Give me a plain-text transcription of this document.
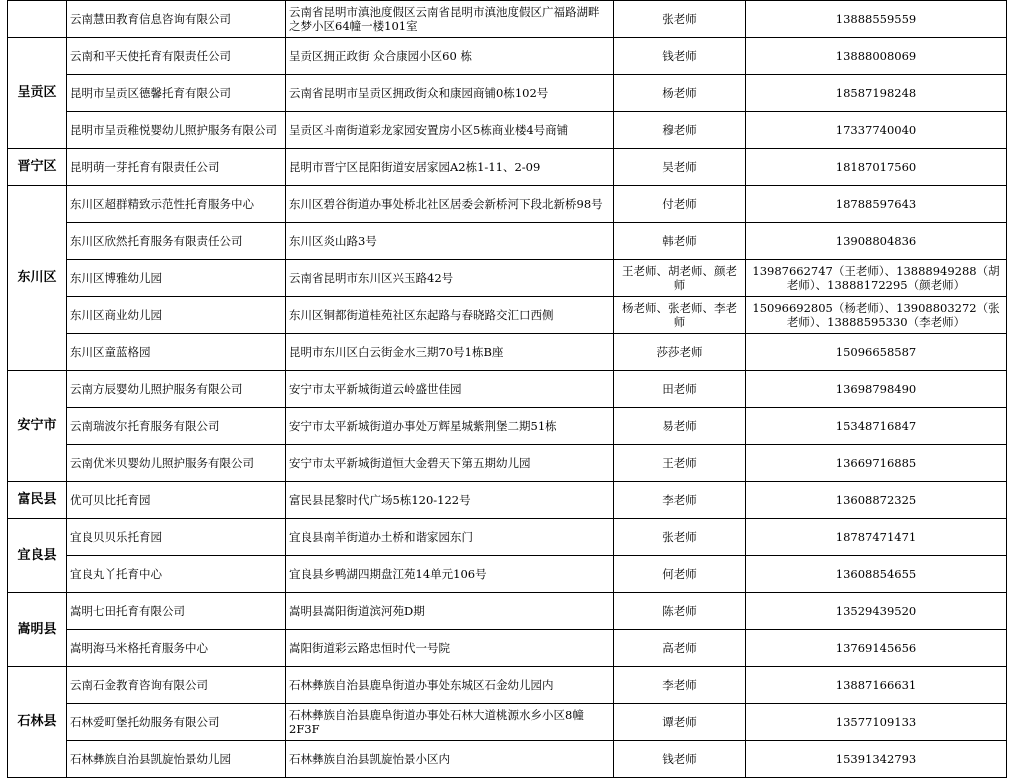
	云南慧田教育信息咨询有限公司	云南省昆明市滇池度假区云南省昆明市滇池度假区广福路湖畔之梦小区64幢一楼101室	张老师	13888559559
呈贡区	云南和平天使托育有限责任公司	呈贡区拥正政街 众合康园小区60 栋	钱老师	13888008069
	昆明市呈贡区德馨托育有限公司	云南省昆明市呈贡区拥政街众和康园商铺0栋102号	杨老师	18587198248
	昆明市呈贡稚悦婴幼儿照护服务有限公司	呈贡区斗南街道彩龙家园安置房小区5栋商业楼4号商铺	穆老师	17337740040
晋宁区	昆明萌一芽托育有限责任公司	昆明市晋宁区昆阳街道安居家园A2栋1-11、2-09	吴老师	18187017560
东川区	东川区超群精致示范性托育服务中心	东川区碧谷街道办事处桥北社区居委会新桥河下段北新桥98号	付老师	18788597643
	东川区欣然托育服务有限责任公司	东川区炎山路3号	韩老师	13908804836
	东川区博雅幼儿园	云南省昆明市东川区兴玉路42号	王老师、胡老师、颜老师	13987662747（王老师）、13888949288（胡老师）、13888172295（颜老师）
	东川区商业幼儿园	东川区铜都街道桂苑社区东起路与春晓路交汇口西侧	杨老师、张老师、李老师	15096692805（杨老师）、13908803272（张老师）、13888595330（李老师）
	东川区童蓝格园	昆明市东川区白云街金水三期70号1栋B座	莎莎老师	15096658587
安宁市	云南方辰婴幼儿照护服务有限公司	安宁市太平新城街道云岭盛世佳园	田老师	13698798490
	云南瑞波尔托育服务有限公司	安宁市太平新城街道办事处万辉星城紫荆堡二期51栋	易老师	15348716847
	云南优米贝婴幼儿照护服务有限公司	安宁市太平新城街道恒大金碧天下第五期幼儿园	王老师	13669716885
富民县	优可贝比托育园	富民县昆黎时代广场5栋120-122号	李老师	13608872325
宜良县	宜良贝贝乐托育园	宜良县南羊街道办土桥和谐家园东门	张老师	18787471471
	宜良丸丫托育中心	宜良县乡鸭湖四期盘江苑14单元106号	何老师	13608854655
嵩明县	嵩明七田托育有限公司	嵩明县嵩阳街道滨河苑D期	陈老师	13529439520
	嵩明海马米格托育服务中心	嵩阳街道彩云路忠恒时代一号院	高老师	13769145656
石林县	云南石金教育咨询有限公司	石林彝族自治县鹿阜街道办事处东城区石金幼儿园内	李老师	13887166631
	石林爱町堡托幼服务有限公司	石林彝族自治县鹿阜街道办事处石林大道桃源水乡小区8幢2F3F	谭老师	13577109133
	石林彝族自治县凯旋怡景幼儿园	石林彝族自治县凯旋怡景小区内	钱老师	15391342793
